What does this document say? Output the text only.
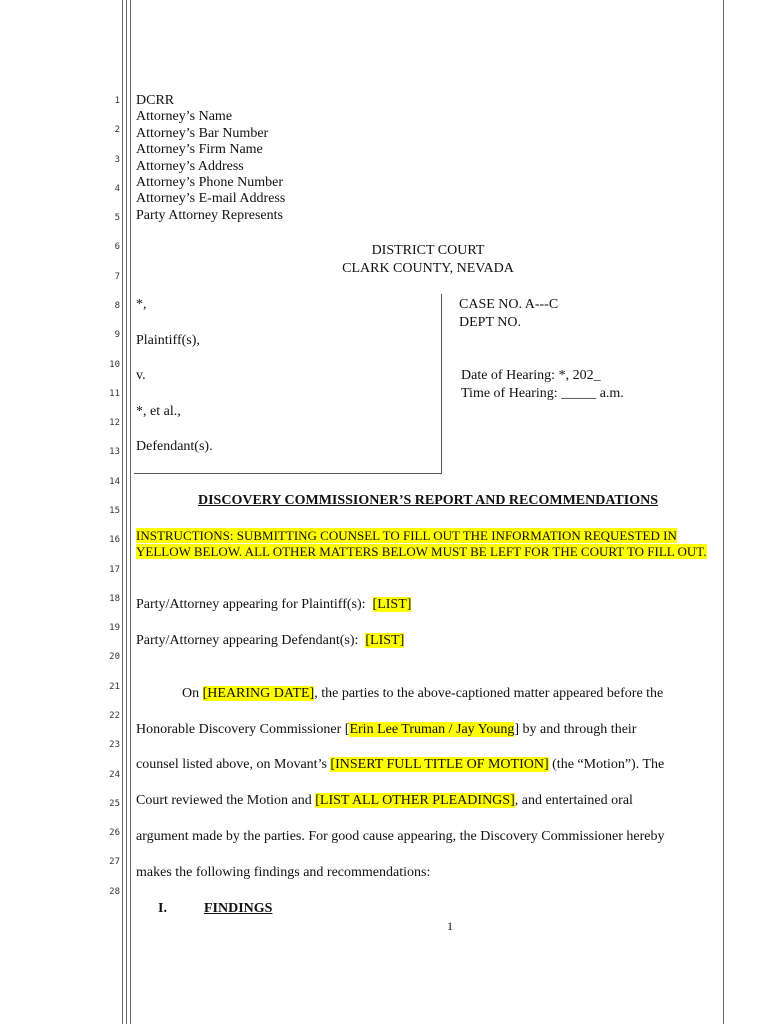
1
2
3
4
5
6
7
8
9
10
11
12
13
14
15
16
17
18
19
20
21
22
23
24
25
26
27
28
DCRR
Attorney’s Name
Attorney’s Bar Number
Attorney’s Firm Name
Attorney’s Address
Attorney’s Phone Number
Attorney’s E-mail Address
Party Attorney Represents
DISTRICT COURT
CLARK COUNTY, NEVADA
*,
Plaintiff(s),
v.
*, et al.,
Defendant(s).
CASE NO. A---C
DEPT NO.
Date of Hearing: *, 202_
Time of Hearing: _____ a.m.
DISCOVERY COMMISSIONER’S REPORT AND RECOMMENDATIONS
INSTRUCTIONS: SUBMITTING COUNSEL TO FILL OUT THE INFORMATION REQUESTED IN YELLOW BELOW. ALL OTHER MATTERS BELOW MUST BE LEFT FOR THE COURT TO FILL OUT.
Party/Attorney appearing for Plaintiff(s): [LIST]
Party/Attorney appearing Defendant(s): [LIST]
On [HEARING DATE], the parties to the above-captioned matter appeared before the
Honorable Discovery Commissioner [Erin Lee Truman / Jay Young] by and through their
counsel listed above, on Movant’s [INSERT FULL TITLE OF MOTION] (the “Motion”). The
Court reviewed the Motion and [LIST ALL OTHER PLEADINGS], and entertained oral
argument made by the parties. For good cause appearing, the Discovery Commissioner hereby
makes the following findings and recommendations:
I.	FINDINGS
1
